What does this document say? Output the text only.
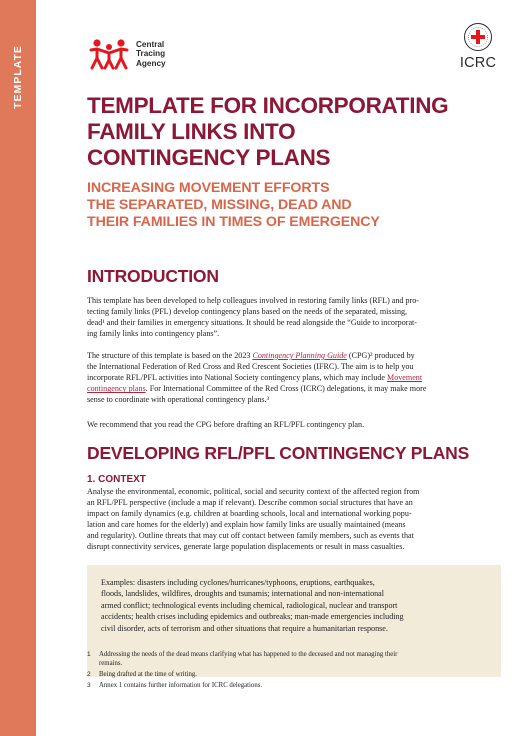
TEMPLATE
Central
Tracing
Agency	ICRC
TEMPLATE FOR INCORPORATING
FAMILY LINKS INTO
CONTINGENCY PLANS
INCREASING MOVEMENT EFFORTS
THE SEPARATED, MISSING, DEAD AND
THEIR FAMILIES IN TIMES OF EMERGENCY
INTRODUCTION
This template has been developed to help colleagues involved in restoring family links (RFL) and pro-
tecting family links (PFL) develop contingency plans based on the needs of the separated, missing,
dead¹ and their families in emergency situations. It should be read alongside the “Guide to incorporat-
ing family links into contingency plans”.
The structure of this template is based on the 2023 Contingency Planning Guide (CPG)² produced by
the International Federation of Red Cross and Red Crescent Societies (IFRC). The aim is to help you
incorporate RFL/PFL activities into National Society contingency plans, which may include Movement
contingency plans. For International Committee of the Red Cross (ICRC) delegations, it may make more
sense to coordinate with operational contingency plans.³
We recommend that you read the CPG before drafting an RFL/PFL contingency plan.
DEVELOPING RFL/PFL CONTINGENCY PLANS
1. CONTEXT
Analyse the environmental, economic, political, social and security context of the affected region from
an RFL/PFL perspective (include a map if relevant). Describe common social structures that have an
impact on family dynamics (e.g. children at boarding schools, local and international working popu-
lation and care homes for the elderly) and explain how family links are usually maintained (means
and regularity). Outline threats that may cut off contact between family members, such as events that
disrupt connectivity services, generate large population displacements or result in mass casualties.
Examples: disasters including cyclones/hurricanes/typhoons, eruptions, earthquakes,
floods, landslides, wildfires, droughts and tsunamis; international and non-international
armed conflict; technological events including chemical, radiological, nuclear and transport
accidents; health crises including epidemics and outbreaks; man-made emergencies including
civil disorder, acts of terrorism and other situations that require a humanitarian response.
1	Addressing the needs of the dead means clarifying what has happened to the deceased and not managing their
remains.
2	Being drafted at the time of writing.
3	Annex 1 contains further information for ICRC delegations.
